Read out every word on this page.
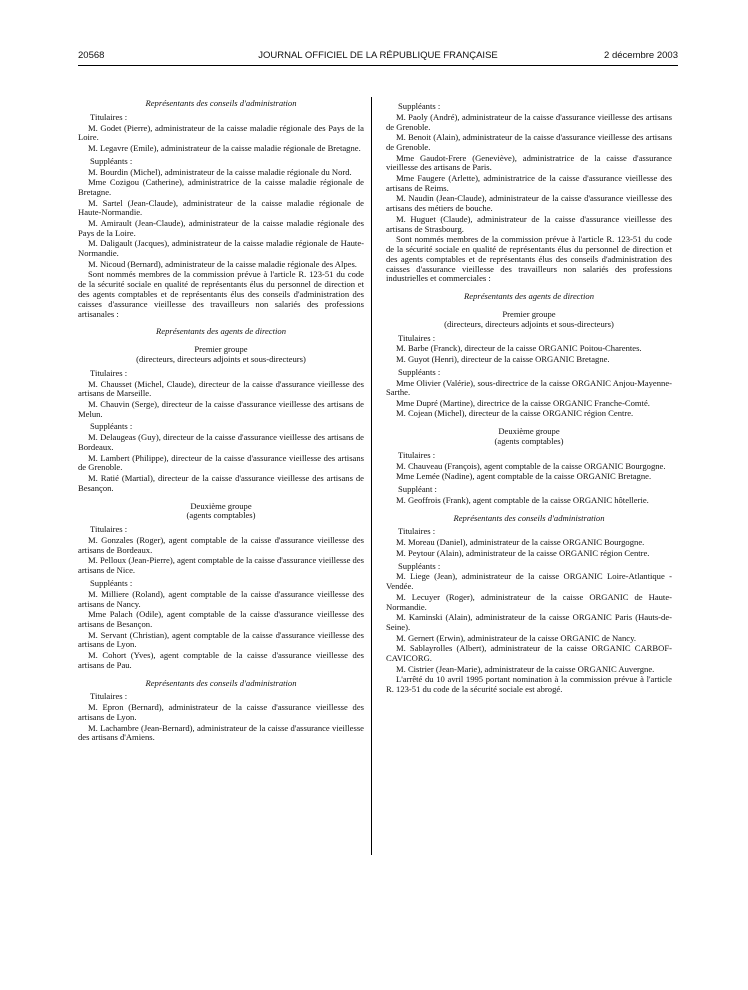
20568	JOURNAL OFFICIEL DE LA RÉPUBLIQUE FRANÇAISE	2 décembre 2003

Représentants des conseils d'administration

Titulaires :

M. Godet (Pierre), administrateur de la caisse maladie régionale des Pays de la Loire.

M. Legavre (Emile), administrateur de la caisse maladie régionale de Bretagne.

Suppléants :

M. Bourdin (Michel), administrateur de la caisse maladie régionale du Nord.

Mme Cozigou (Catherine), administratrice de la caisse maladie régionale de Bretagne.

M. Sartel (Jean-Claude), administrateur de la caisse maladie régionale de Haute-Normandie.

M. Amirault (Jean-Claude), administrateur de la caisse maladie régionale des Pays de la Loire.

M. Daligault (Jacques), administrateur de la caisse maladie régionale de Haute-Normandie.

M. Nicoud (Bernard), administrateur de la caisse maladie régionale des Alpes.

Sont nommés membres de la commission prévue à l'article R. 123-51 du code de la sécurité sociale en qualité de représentants élus du personnel de direction et des agents comptables et de représentants élus des conseils d'administration des caisses d'assurance vieillesse des travailleurs non salariés des professions artisanales :

Représentants des agents de direction

Premier groupe

(directeurs, directeurs adjoints et sous-directeurs)

Titulaires :

M. Chausset (Michel, Claude), directeur de la caisse d'assurance vieillesse des artisans de Marseille.

M. Chauvin (Serge), directeur de la caisse d'assurance vieillesse des artisans de Melun.

Suppléants :

M. Delaugeas (Guy), directeur de la caisse d'assurance vieillesse des artisans de Bordeaux.

M. Lambert (Philippe), directeur de la caisse d'assurance vieillesse des artisans de Grenoble.

M. Ratié (Martial), directeur de la caisse d'assurance vieillesse des artisans de Besançon.

Deuxième groupe

(agents comptables)

Titulaires :

M. Gonzales (Roger), agent comptable de la caisse d'assurance vieillesse des artisans de Bordeaux.

M. Pelloux (Jean-Pierre), agent comptable de la caisse d'assurance vieillesse des artisans de Nice.

Suppléants :

M. Milliere (Roland), agent comptable de la caisse d'assurance vieillesse des artisans de Nancy.

Mme Palach (Odile), agent comptable de la caisse d'assurance vieillesse des artisans de Besançon.

M. Servant (Christian), agent comptable de la caisse d'assurance vieillesse des artisans de Lyon.

M. Cohort (Yves), agent comptable de la caisse d'assurance vieillesse des artisans de Pau.

Représentants des conseils d'administration

Titulaires :

M. Epron (Bernard), administrateur de la caisse d'assurance vieillesse des artisans de Lyon.

M. Lachambre (Jean-Bernard), administrateur de la caisse d'assurance vieillesse des artisans d'Amiens.

Suppléants :

M. Paoly (André), administrateur de la caisse d'assurance vieillesse des artisans de Grenoble.

M. Benoit (Alain), administrateur de la caisse d'assurance vieillesse des artisans de Grenoble.

Mme Gaudot-Frere (Geneviève), administratrice de la caisse d'assurance vieillesse des artisans de Paris.

Mme Faugere (Arlette), administratrice de la caisse d'assurance vieillesse des artisans de Reims.

M. Naudin (Jean-Claude), administrateur de la caisse d'assurance vieillesse des artisans des métiers de bouche.

M. Huguet (Claude), administrateur de la caisse d'assurance vieillesse des artisans de Strasbourg.

Sont nommés membres de la commission prévue à l'article R. 123-51 du code de la sécurité sociale en qualité de représentants élus du personnel de direction et des agents comptables et de représentants élus des conseils d'administration des caisses d'assurance vieillesse des travailleurs non salariés des professions industrielles et commerciales :

Représentants des agents de direction

Premier groupe

(directeurs, directeurs adjoints et sous-directeurs)

Titulaires :

M. Barbe (Franck), directeur de la caisse ORGANIC Poitou-Charentes.

M. Guyot (Henri), directeur de la caisse ORGANIC Bretagne.

Suppléants :

Mme Olivier (Valérie), sous-directrice de la caisse ORGANIC Anjou-Mayenne-Sarthe.

Mme Dupré (Martine), directrice de la caisse ORGANIC Franche-Comté.

M. Cojean (Michel), directeur de la caisse ORGANIC région Centre.

Deuxième groupe

(agents comptables)

Titulaires :

M. Chauveau (François), agent comptable de la caisse ORGANIC Bourgogne.

Mme Lemée (Nadine), agent comptable de la caisse ORGANIC Bretagne.

Suppléant :

M. Geoffrois (Frank), agent comptable de la caisse ORGANIC hôtellerie.

Représentants des conseils d'administration

Titulaires :

M. Moreau (Daniel), administrateur de la caisse ORGANIC Bourgogne.

M. Peytour (Alain), administrateur de la caisse ORGANIC région Centre.

Suppléants :

M. Liege (Jean), administrateur de la caisse ORGANIC Loire-Atlantique - Vendée.

M. Lecuyer (Roger), administrateur de la caisse ORGANIC de Haute-Normandie.

M. Kaminski (Alain), administrateur de la caisse ORGANIC Paris (Hauts-de-Seine).

M. Gernert (Erwin), administrateur de la caisse ORGANIC de Nancy.

M. Sablayrolles (Albert), administrateur de la caisse ORGANIC CARBOF-CAVICORG.

M. Cistrier (Jean-Marie), administrateur de la caisse ORGANIC Auvergne.

L'arrêté du 10 avril 1995 portant nomination à la commission prévue à l'article R. 123-51 du code de la sécurité sociale est abrogé.
